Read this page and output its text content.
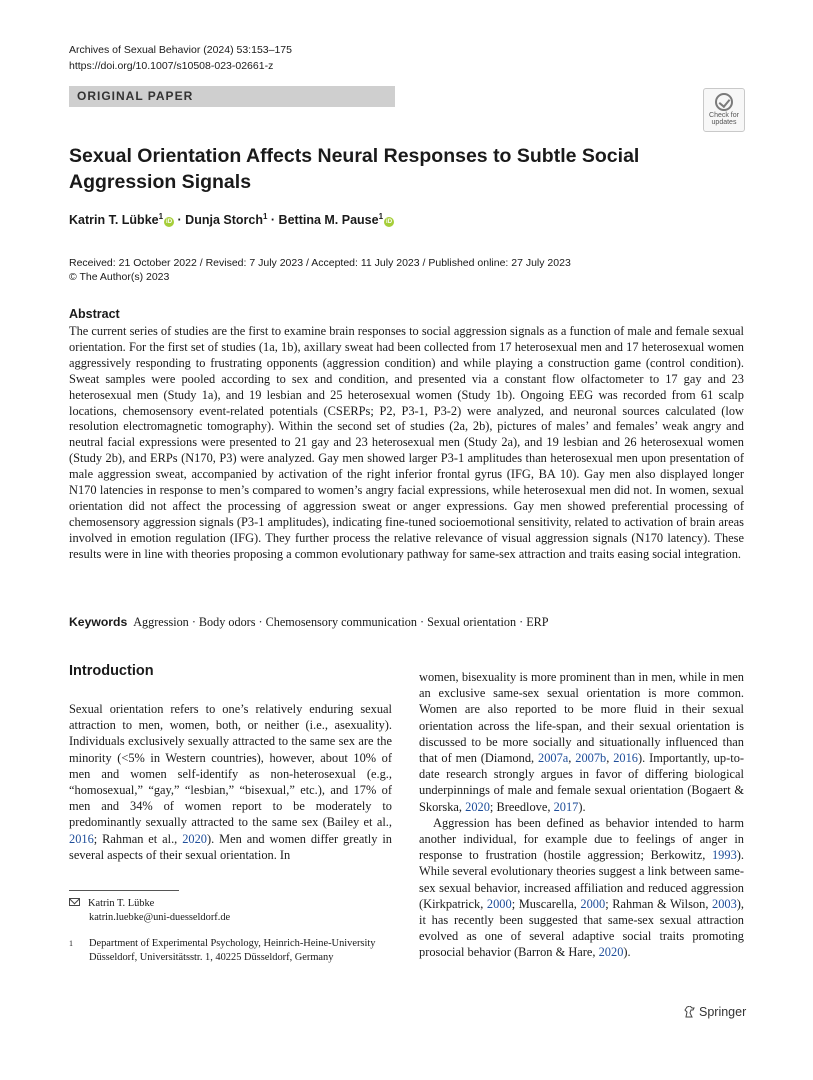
Archives of Sexual Behavior (2024) 53:153–175
https://doi.org/10.1007/s10508-023-02661-z
ORIGINAL PAPER
Check for
updates
Sexual Orientation Affects Neural Responses to Subtle Social Aggression Signals
Katrin T. Lübke$^1$iD · Dunja Storch$^1$ · Bettina M. Pause$^1$iD
Received: 21 October 2022 / Revised: 7 July 2023 / Accepted: 11 July 2023 / Published online: 27 July 2023
© The Author(s) 2023
Abstract

The current series of studies are the first to examine brain responses to social aggression signals as a function of male and female sexual orientation. For the first set of studies (1a, 1b), axillary sweat had been collected from 17 heterosexual men and 17 heterosexual women aggressively responding to frustrating opponents (aggression condition) and while playing a construction game (control condition). Sweat samples were pooled according to sex and condition, and presented via a constant flow olfactometer to 17 gay and 23 heterosexual men (Study 1a), and 19 lesbian and 25 heterosexual women (Study 1b). Ongoing EEG was recorded from 61 scalp locations, chemosensory event-related potentials (CSERPs; P2, P3-1, P3-2) were analyzed, and neuronal sources calculated (low resolution electromagnetic tomography). Within the second set of studies (2a, 2b), pictures of males’ and females’ weak angry and neutral facial expressions were presented to 21 gay and 23 heterosexual men (Study 2a), and 19 lesbian and 26 heterosexual women (Study 2b), and ERPs (N170, P3) were analyzed. Gay men showed larger P3-1 amplitudes than heterosexual men upon presentation of male aggression sweat, accompanied by activation of the right inferior frontal gyrus (IFG, BA 10). Gay men also displayed longer N170 latencies in response to men’s compared to women’s angry facial expressions, while heterosexual men did not. In women, sexual orientation did not affect the processing of aggression sweat or anger expressions. Gay men showed preferential processing of chemosensory aggression signals (P3-1 amplitudes), indicating fine-tuned socioemotional sensitivity, related to activation of brain areas involved in emotion regulation (IFG). They further process the relative relevance of visual aggression signals (N170 latency). These results were in line with theories proposing a common evolutionary pathway for same-sex attraction and traits easing social integration.

Keywords Aggression · Body odors · Chemosensory communication · Sexual orientation · ERP
Introduction

Sexual orientation refers to one’s relatively enduring sexual attraction to men, women, both, or neither (i.e., asexuality). Individuals exclusively sexually attracted to the same sex are the minority (<5% in Western countries), however, about 10% of men and women self-identify as non-heterosexual (e.g., “homosexual,” “gay,” “lesbian,” “bisexual,” etc.), and 17% of men and 34% of women report to be moderately to predominantly sexually attracted to the same sex (Bailey et al., 2016; Rahman et al., 2020). Men and women differ greatly in several aspects of their sexual orientation. In

women, bisexuality is more prominent than in men, while in men an exclusive same-sex sexual orientation is more common. Women are also reported to be more fluid in their sexual orientation across the life-span, and their sexual orientation is discussed to be more socially and situationally influenced than that of men (Diamond, 2007a, 2007b, 2016). Importantly, up-to-date research strongly argues in favor of differing biological underpinnings of male and female sexual orientation (Bogaert & Skorska, 2020; Breedlove, 2017).

Aggression has been defined as behavior intended to harm another individual, for example due to feelings of anger in response to frustration (hostile aggression; Berkowitz, 1993). While several evolutionary theories suggest a link between same-sex sexual behavior, increased affiliation and reduced aggression (Kirkpatrick, 2000; Muscarella, 2000; Rahman & Wilson, 2003), it has recently been suggested that same-sex sexual attraction evolved as one of several adaptive social traits promoting prosocial behavior (Barron & Hare, 2020).

Katrin T. Lübke
katrin.luebke@uni-duesseldorf.de
1	Department of Experimental Psychology, Heinrich-Heine-University Düsseldorf, Universitätsstr. 1, 40225 Düsseldorf, Germany
Springer
